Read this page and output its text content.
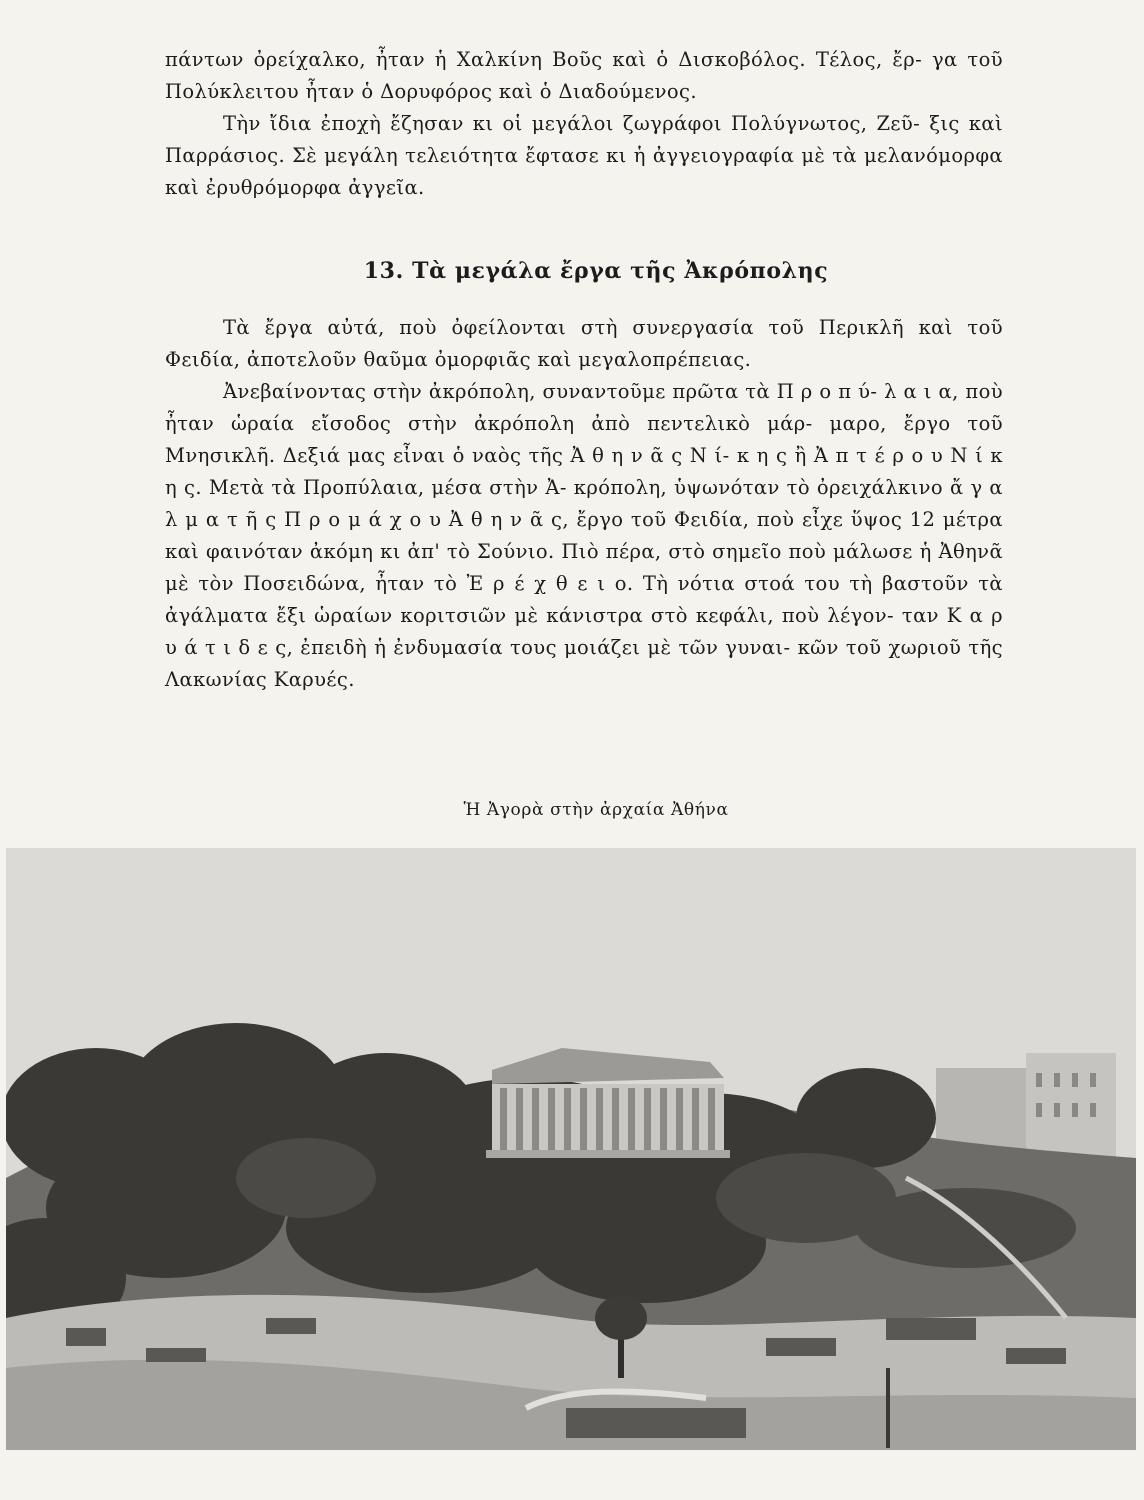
πάντων ὀρείχαλκο, ἦταν ἡ Χαλκίνη Βοῦς καὶ ὁ Δισκοβόλος. Τέλος, ἔρ- γα τοῦ Πολύκλειτου ἦταν ὁ Δορυφόρος καὶ ὁ Διαδούμενος.

Τὴν ἴδια ἐποχὴ ἔζησαν κι οἱ μεγάλοι ζωγράφοι Πολύγνωτος, Ζεῦ- ξις καὶ Παρράσιος. Σὲ μεγάλη τελειότητα ἔφτασε κι ἡ ἀγγειογραφία μὲ τὰ μελανόμορφα καὶ ἐρυθρόμορφα ἀγγεῖα.

13. Τὰ μεγάλα ἔργα τῆς Ἀκρόπολης

Τὰ ἔργα αὐτά, ποὺ ὀφείλονται στὴ συνεργασία τοῦ Περικλῆ καὶ τοῦ Φειδία, ἀποτελοῦν θαῦμα ὀμορφιᾶς καὶ μεγαλοπρέπειας.

Ἀνεβαίνοντας στὴν ἀκρόπολη, συναντοῦμε πρῶτα τὰ Π ρ ο π ύ- λ α ι α, ποὺ ἦταν ὡραία εἴσοδος στὴν ἀκρόπολη ἀπὸ πεντελικὸ μάρ- μαρο, ἔργο τοῦ Μνησικλῆ. Δεξιά μας εἶναι ὁ ναὸς τῆς Ἀ θ η ν ᾶ ς Ν ί- κ η ς ἢ Ἀ π τ έ ρ ο υ Ν ί κ η ς. Μετὰ τὰ Προπύλαια, μέσα στὴν Ἀ- κρόπολη, ὑψωνόταν τὸ ὀρειχάλκινο ἄ γ α λ μ α τ ῆ ς Π ρ ο μ ά χ ο υ Ἀ θ η ν ᾶ ς, ἔργο τοῦ Φειδία, ποὺ εἶχε ὕψος 12 μέτρα καὶ φαινόταν ἀκόμη κι ἀπ' τὸ Σούνιο. Πιὸ πέρα, στὸ σημεῖο ποὺ μάλωσε ἡ Ἀθηνᾶ μὲ τὸν Ποσειδώνα, ἦταν τὸ Ἐ ρ έ χ θ ε ι ο. Τὴ νότια στοά του τὴ βαστοῦν τὰ ἀγάλματα ἔξι ὡραίων κοριτσιῶν μὲ κάνιστρα στὸ κεφάλι, ποὺ λέγον- ταν Κ α ρ υ ά τ ι δ ε ς, ἐπειδὴ ἡ ἐνδυμασία τους μοιάζει μὲ τῶν γυναι- κῶν τοῦ χωριοῦ τῆς Λακωνίας Καρυές.

Ἡ Ἀγορὰ στὴν ἀρχαία Ἀθήνα
